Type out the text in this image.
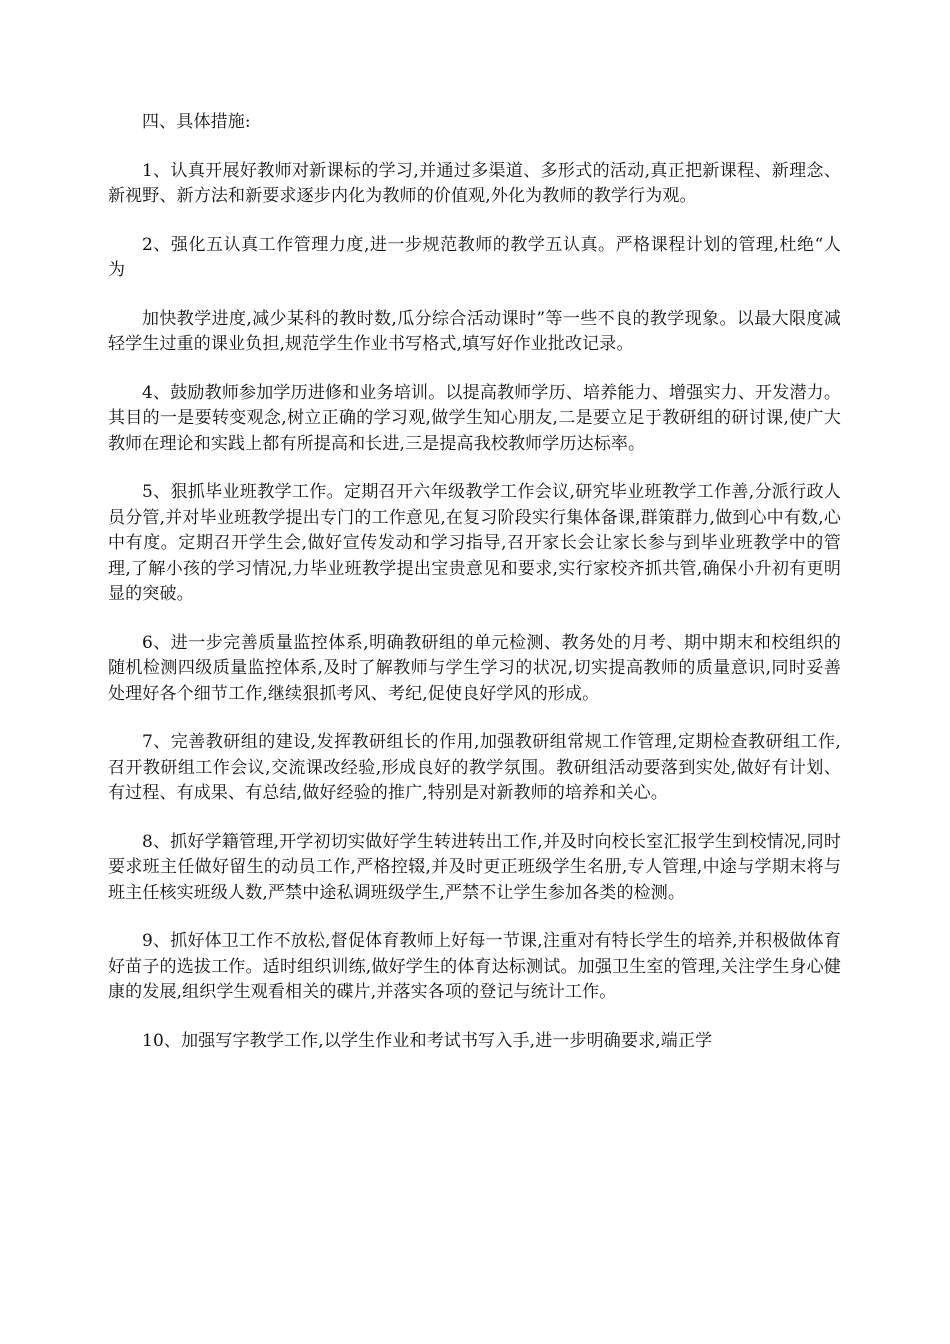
四、具体措施:

1、认真开展好教师对新课标的学习,并通过多渠道、多形式的活动,真正把新课程、新理念、新视野、新方法和新要求逐步内化为教师的价值观,外化为教师的教学行为观。

2、强化五认真工作管理力度,进一步规范教师的教学五认真。严格课程计划的管理,杜绝“人为

加快教学进度,减少某科的教时数,瓜分综合活动课时”等一些不良的教学现象。以最大限度减轻学生过重的课业负担,规范学生作业书写格式,填写好作业批改记录。

4、鼓励教师参加学历进修和业务培训。以提高教师学历、培养能力、增强实力、开发潜力。其目的一是要转变观念,树立正确的学习观,做学生知心朋友,二是要立足于教研组的研讨课,使广大教师在理论和实践上都有所提高和长进,三是提高我校教师学历达标率。

5、狠抓毕业班教学工作。定期召开六年级教学工作会议,研究毕业班教学工作善,分派行政人员分管,并对毕业班教学提出专门的工作意见,在复习阶段实行集体备课,群策群力,做到心中有数,心中有度。定期召开学生会,做好宣传发动和学习指导,召开家长会让家长参与到毕业班教学中的管理,了解小孩的学习情况,力毕业班教学提出宝贵意见和要求,实行家校齐抓共管,确保小升初有更明显的突破。

6、进一步完善质量监控体系,明确教研组的单元检测、教务处的月考、期中期末和校组织的随机检测四级质量监控体系,及时了解教师与学生学习的状况,切实提高教师的质量意识,同时妥善处理好各个细节工作,继续狠抓考风、考纪,促使良好学风的形成。

7、完善教研组的建设,发挥教研组长的作用,加强教研组常规工作管理,定期检查教研组工作,召开教研组工作会议,交流课改经验,形成良好的教学氛围。教研组活动要落到实处,做好有计划、有过程、有成果、有总结,做好经验的推广,特别是对新教师的培养和关心。

8、抓好学籍管理,开学初切实做好学生转进转出工作,并及时向校长室汇报学生到校情况,同时要求班主任做好留生的动员工作,严格控辍,并及时更正班级学生名册,专人管理,中途与学期末将与班主任核实班级人数,严禁中途私调班级学生,严禁不让学生参加各类的检测。

9、抓好体卫工作不放松,督促体育教师上好每一节课,注重对有特长学生的培养,并积极做体育好苗子的选拔工作。适时组织训练,做好学生的体育达标测试。加强卫生室的管理,关注学生身心健康的发展,组织学生观看相关的碟片,并落实各项的登记与统计工作。

10、加强写字教学工作,以学生作业和考试书写入手,进一步明确要求,端正学
